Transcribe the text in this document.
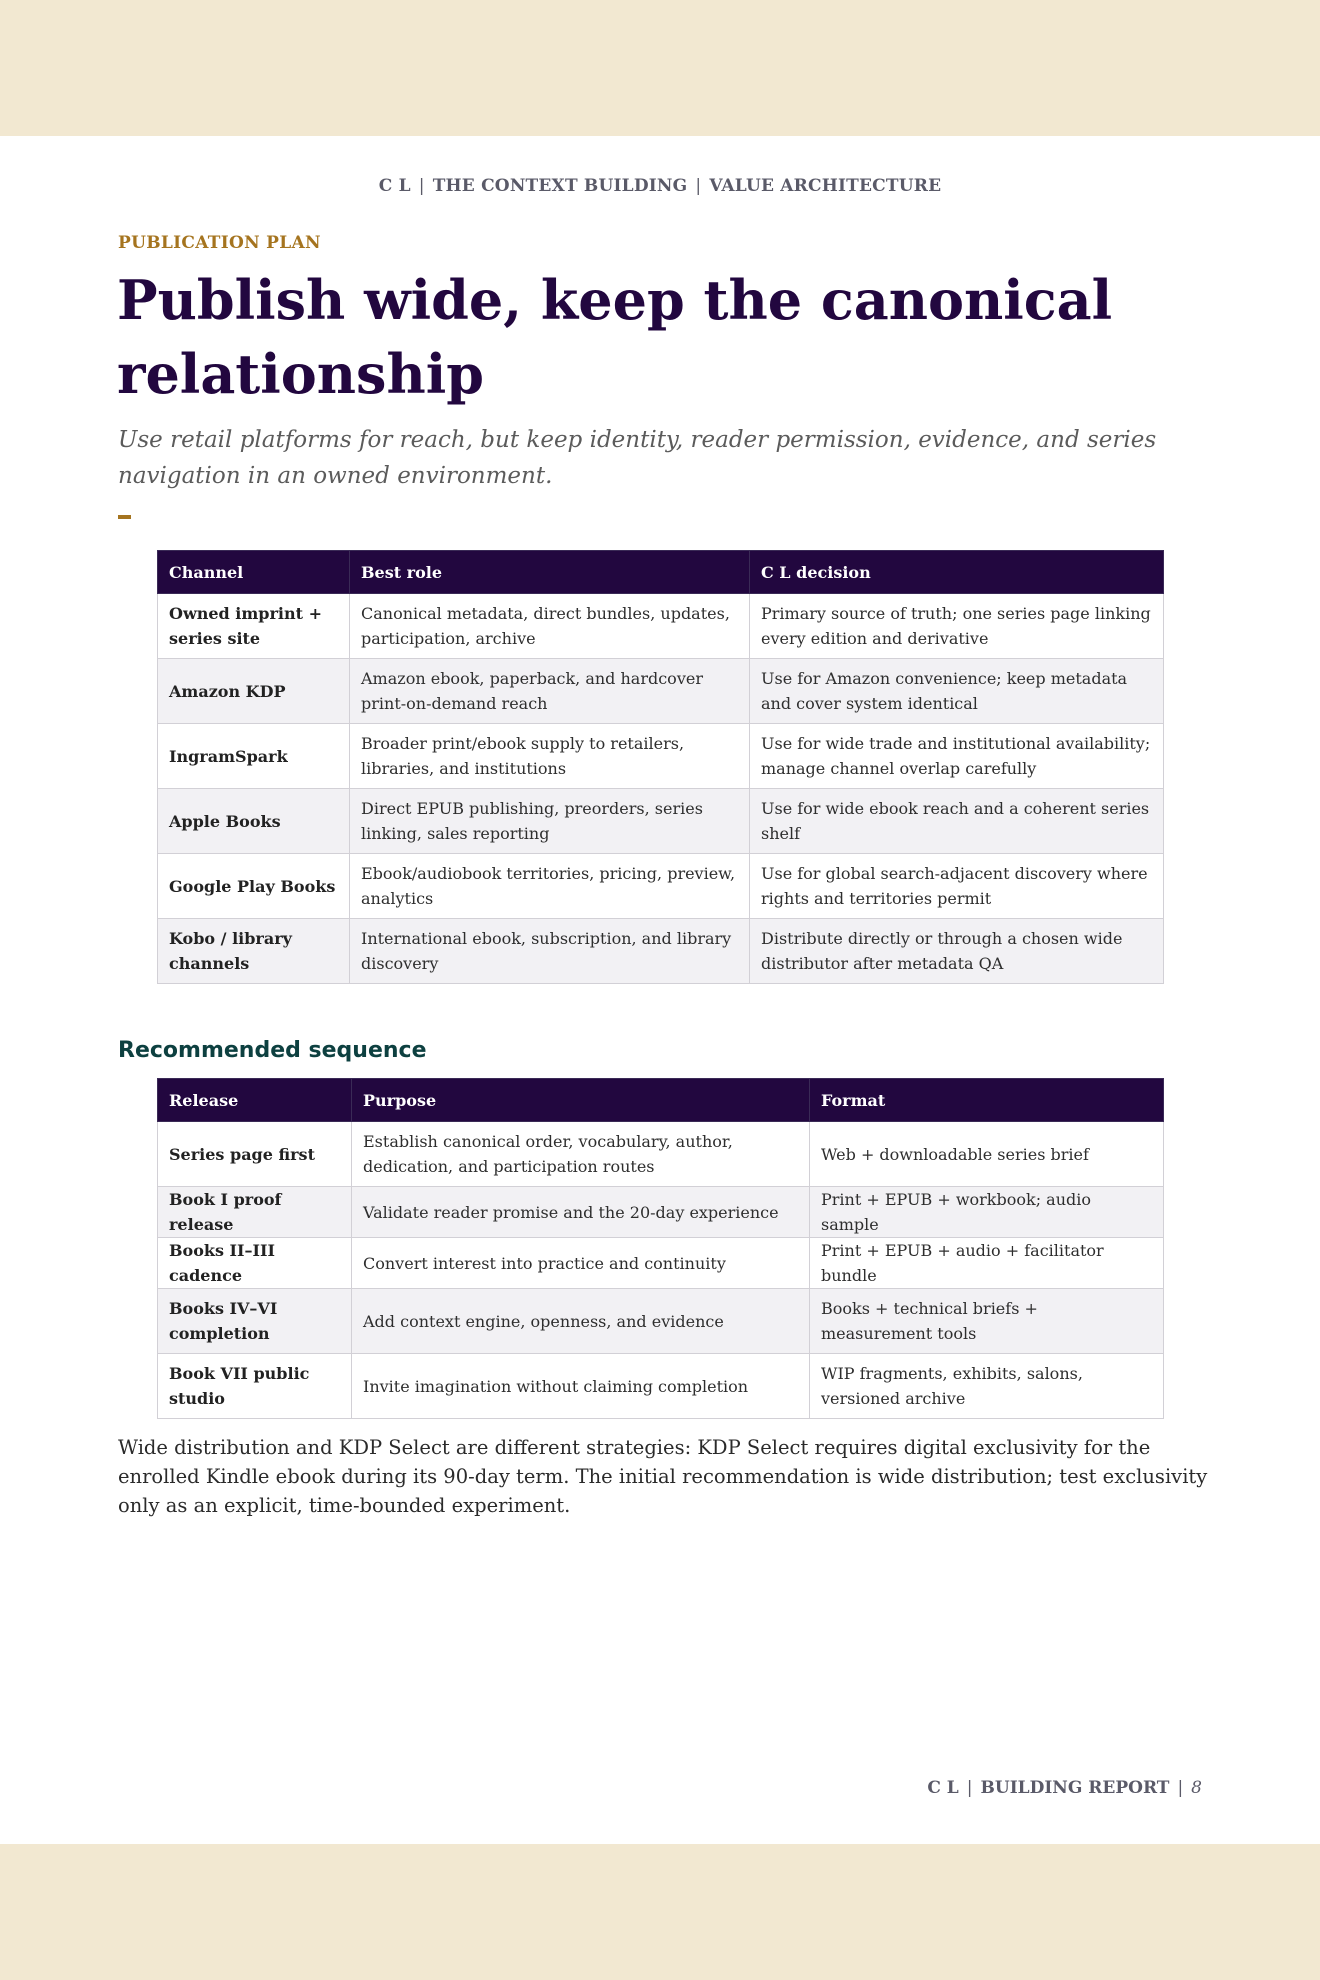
C L | THE CONTEXT BUILDING | VALUE ARCHITECTURE
PUBLICATION PLAN
Publish wide, keep the canonical relationship

Use retail platforms for reach, but keep identity, reader permission, evidence, and series navigation in an owned environment.

Channel	Best role	C L decision
Owned imprint + series site	Canonical metadata, direct bundles, updates, participation, archive	Primary source of truth; one series page linking every edition and derivative
Amazon KDP	Amazon ebook, paperback, and hardcover print-on-demand reach	Use for Amazon convenience; keep metadata and cover system identical
IngramSpark	Broader print/ebook supply to retailers, libraries, and institutions	Use for wide trade and institutional availability; manage channel overlap carefully
Apple Books	Direct EPUB publishing, preorders, series linking, sales reporting	Use for wide ebook reach and a coherent series shelf
Google Play Books	Ebook/audiobook territories, pricing, preview, analytics	Use for global search-adjacent discovery where rights and territories permit
Kobo / library channels	International ebook, subscription, and library discovery	Distribute directly or through a chosen wide distributor after metadata QA
Recommended sequence
Release	Purpose	Format
Series page first	Establish canonical order, vocabulary, author, dedication, and participation routes	Web + downloadable series brief
Book I proof release	Validate reader promise and the 20-day experience	Print + EPUB + workbook; audio sample
Books II–III cadence	Convert interest into practice and continuity	Print + EPUB + audio + facilitator bundle
Books IV–VI completion	Add context engine, openness, and evidence	Books + technical briefs + measurement tools
Book VII public studio	Invite imagination without claiming completion	WIP fragments, exhibits, salons, versioned archive

Wide distribution and KDP Select are different strategies: KDP Select requires digital exclusivity for the enrolled Kindle ebook during its 90-day term. The initial recommendation is wide distribution; test exclusivity only as an explicit, time-bounded experiment.

C L | BUILDING REPORT | 8
